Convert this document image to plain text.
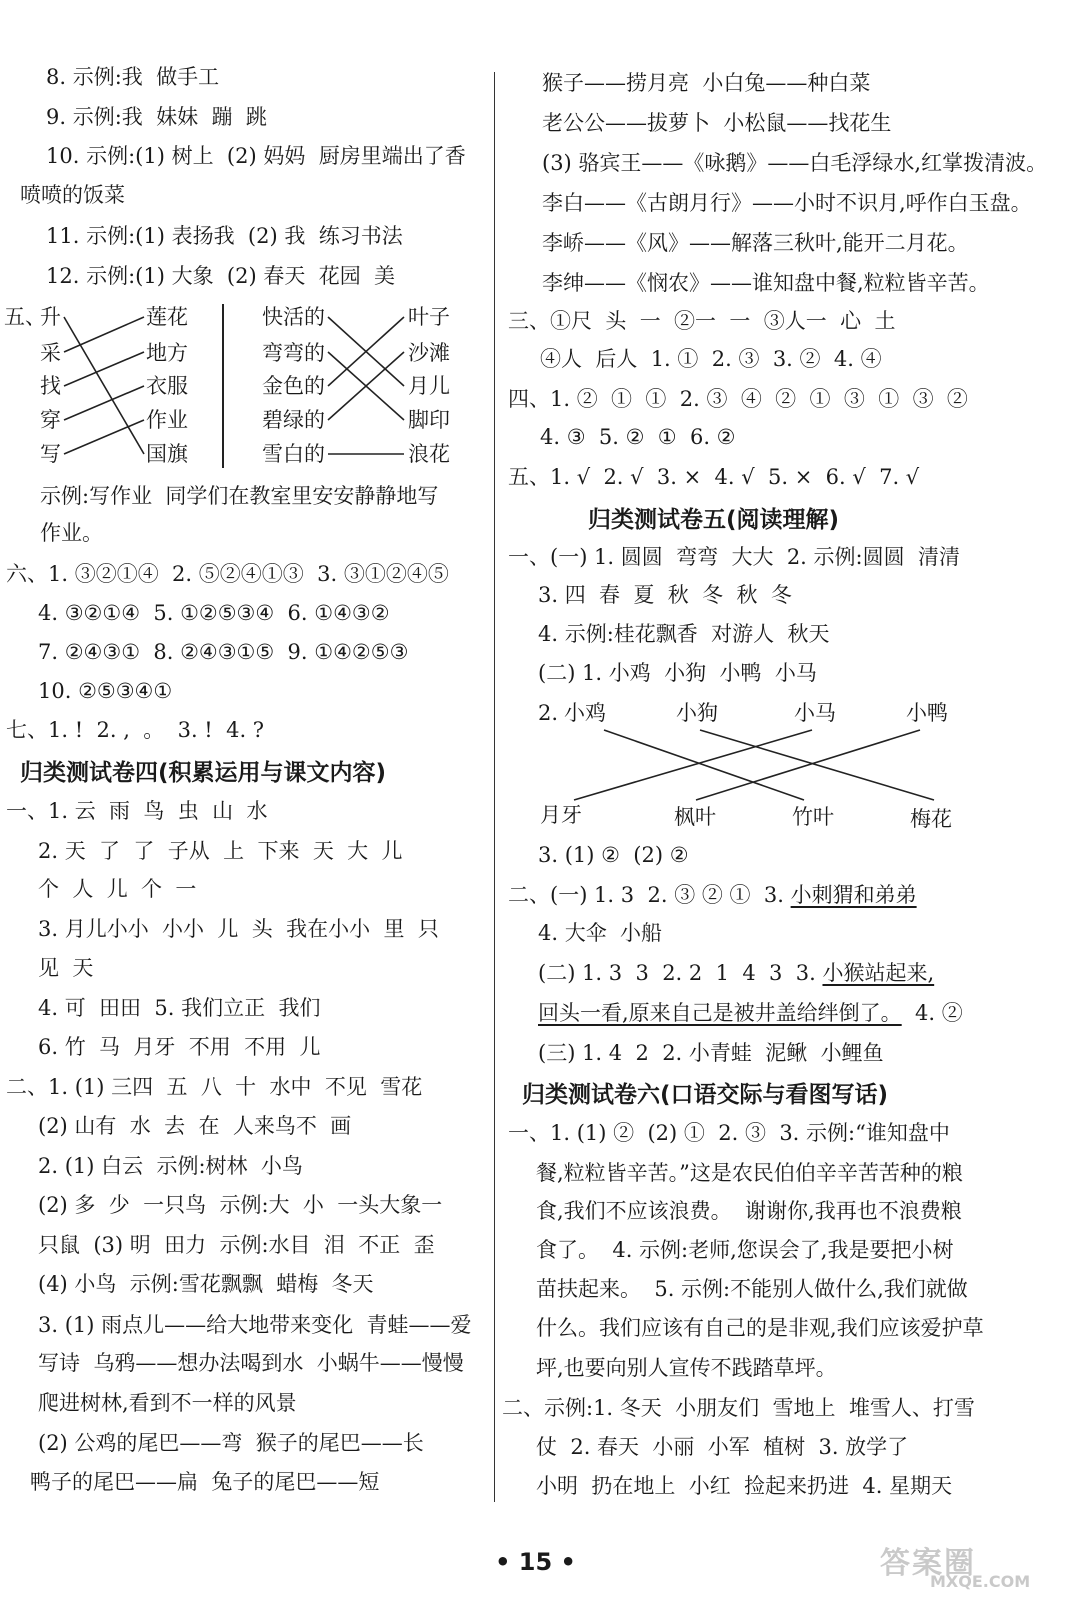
8. 示例:我  做手工
9. 示例:我  妹妹  蹦  跳
10. 示例:(1) 树上  (2) 妈妈  厨房里端出了香
喷喷的饭菜
11. 示例:(1) 表扬我  (2) 我  练习书法
12. 示例:(1) 大象  (2) 春天  花园  美
五、
升
采
找
穿
写
莲花
地方
衣服
作业
国旗
快活的
弯弯的
金色的
碧绿的
雪白的
叶子
沙滩
月儿
脚印
浪花
示例:写作业  同学们在教室里安安静静地写
作业。
六、1. ③②①④  2. ⑤②④①③  3. ③①②④⑤
4. ③②①④  5. ①②⑤③④  6. ①④③②
7. ②④③①  8. ②④③①⑤  9. ①④②⑤③
10. ②⑤③④①
七、1. !  2. ,  。  3. !  4. ?
归类测试卷四(积累运用与课文内容)
一、1. 云  雨  鸟  虫  山  水
2. 天  了  了  子从  上  下来  天  大  儿
个  人  儿  个  一
3. 月儿小小  小小  儿  头  我在小小  里  只
见  天
4. 可  田田  5. 我们立正  我们
6. 竹  马  月牙  不用  不用  儿
二、1. (1) 三四  五  八  十  水中  不见  雪花
(2) 山有  水  去  在  人来鸟不  画
2. (1) 白云  示例:树林  小鸟
(2) 多  少  一只鸟  示例:大  小  一头大象一
只鼠  (3) 明  田力  示例:水目  泪  不正  歪
(4) 小鸟  示例:雪花飘飘  蜡梅  冬天
3. (1) 雨点儿——给大地带来变化  青蛙——爱
写诗  乌鸦——想办法喝到水  小蜗牛——慢慢
爬进树林,看到不一样的风景
(2) 公鸡的尾巴——弯  猴子的尾巴——长
鸭子的尾巴——扁  兔子的尾巴——短
猴子——捞月亮  小白兔——种白菜
老公公——拔萝卜  小松鼠——找花生
(3) 骆宾王——《咏鹅》——白毛浮绿水,红掌拨清波。
李白——《古朗月行》——小时不识月,呼作白玉盘。
李峤——《风》——解落三秋叶,能开二月花。
李绅——《悯农》——谁知盘中餐,粒粒皆辛苦。
三、①尺  头  一  ②一  一  ③人一  心  土
④人  后人  1. ①  2. ③  3. ②  4. ④
四、1. ②  ①  ①  2. ③  ④  ②  ①  ③  ①  ③  ②
4. ③  5. ②  ①  6. ②
五、1. √  2. √  3. ×  4. √  5. ×  6. √  7. √
归类测试卷五(阅读理解)
一、(一) 1. 圆圆  弯弯  大大  2. 示例:圆圆  清清
3. 四  春  夏  秋  冬  秋  冬
4. 示例:桂花飘香  对游人  秋天
(二) 1. 小鸡  小狗  小鸭  小马
2. 小鸡	小狗	小马	小鸭
月牙	枫叶	竹叶	梅花
3. (1) ②  (2) ②
二、(一) 1. 3  2. ③ ② ①  3. 小刺猬和弟弟
4. 大伞  小船
(二) 1. 3  3  2. 2  1  4  3  3. 小猴站起来,
回头一看,原来自己是被井盖给绊倒了。  4. ②
(三) 1. 4  2  2. 小青蛙  泥鳅  小鲤鱼
归类测试卷六(口语交际与看图写话)
一、1. (1) ②  (2) ①  2. ③  3. 示例:“谁知盘中
餐,粒粒皆辛苦。”这是农民伯伯辛辛苦苦种的粮
食,我们不应该浪费。  谢谢你,我再也不浪费粮
食了。  4. 示例:老师,您误会了,我是要把小树
苗扶起来。  5. 示例:不能别人做什么,我们就做
什么。我们应该有自己的是非观,我们应该爱护草
坪,也要向别人宣传不践踏草坪。
二、示例:1. 冬天  小朋友们  雪地上  堆雪人、打雪
仗  2. 春天  小丽  小军  植树  3. 放学了
小明  扔在地上  小红  捡起来扔进  4. 星期天
• 15 •	答案圈
MXQE.COM
